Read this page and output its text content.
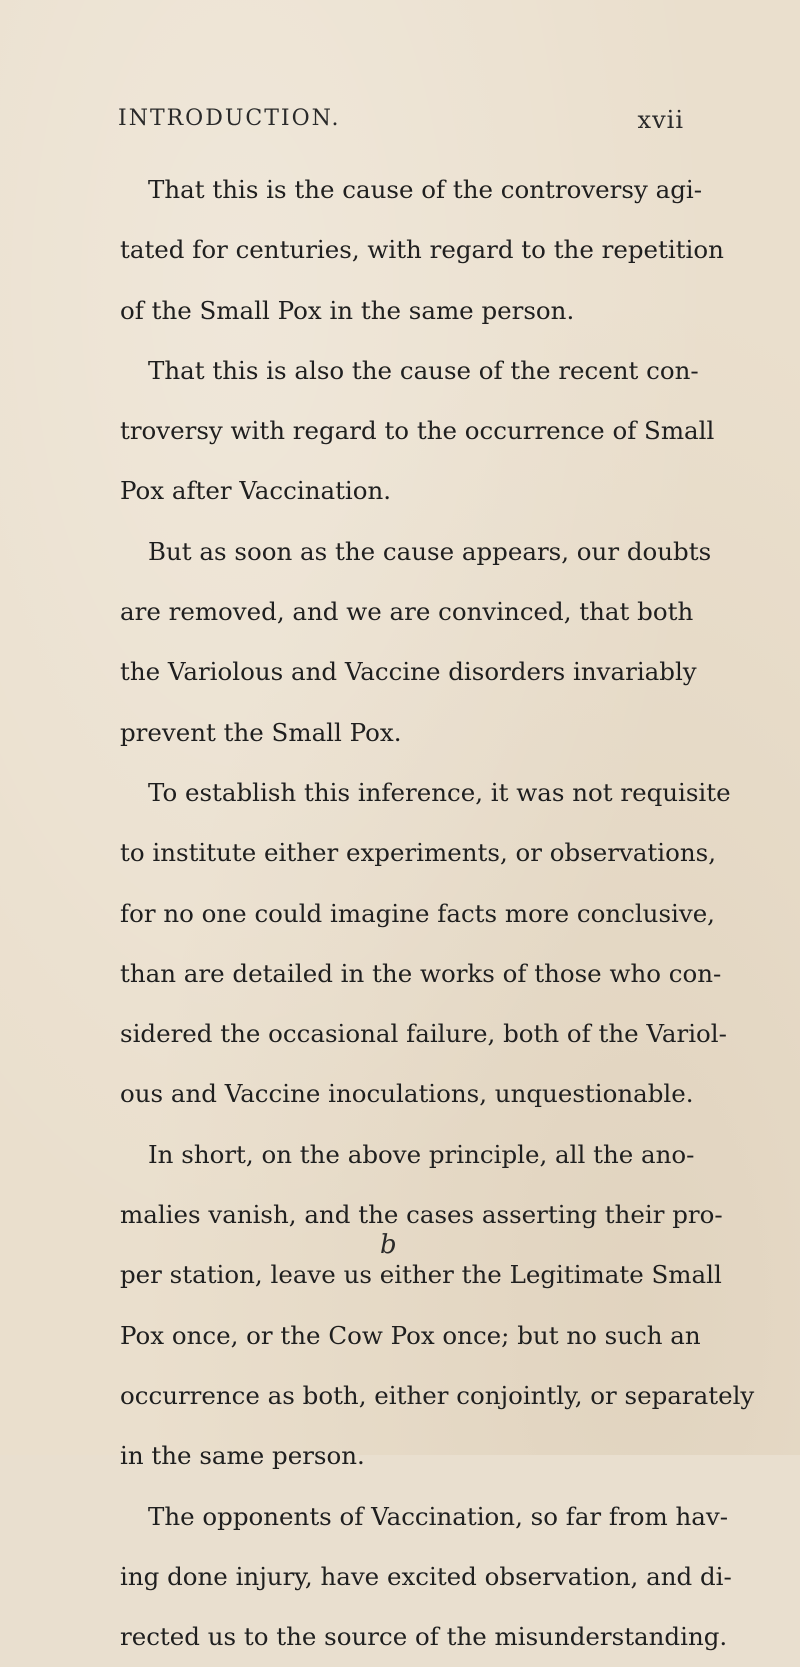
INTRODUCTION.	xvii
That this is the cause of the controversy agi-
tated for centuries, with regard to the repetition
of the Small Pox in the same person.
That this is also the cause of the recent con-
troversy with regard to the occurrence of Small
Pox after Vaccination.
But as soon as the cause appears, our doubts
are removed, and we are convinced, that both
the Variolous and Vaccine disorders invariably
prevent the Small Pox.
To establish this inference, it was not requisite
to institute either experiments, or observations,
for no one could imagine facts more conclusive,
than are detailed in the works of those who con-
sidered the occasional failure, both of the Variol-
ous and Vaccine inoculations, unquestionable.
In short, on the above principle, all the ano-
malies vanish, and the cases asserting their pro-
per station, leave us either the Legitimate Small
Pox once, or the Cow Pox once; but no such an
occurrence as both, either conjointly, or separately
in the same person.
The opponents of Vaccination, so far from hav-
ing done injury, have excited observation, and di-
rected us to the source of the misunderstanding.
b
